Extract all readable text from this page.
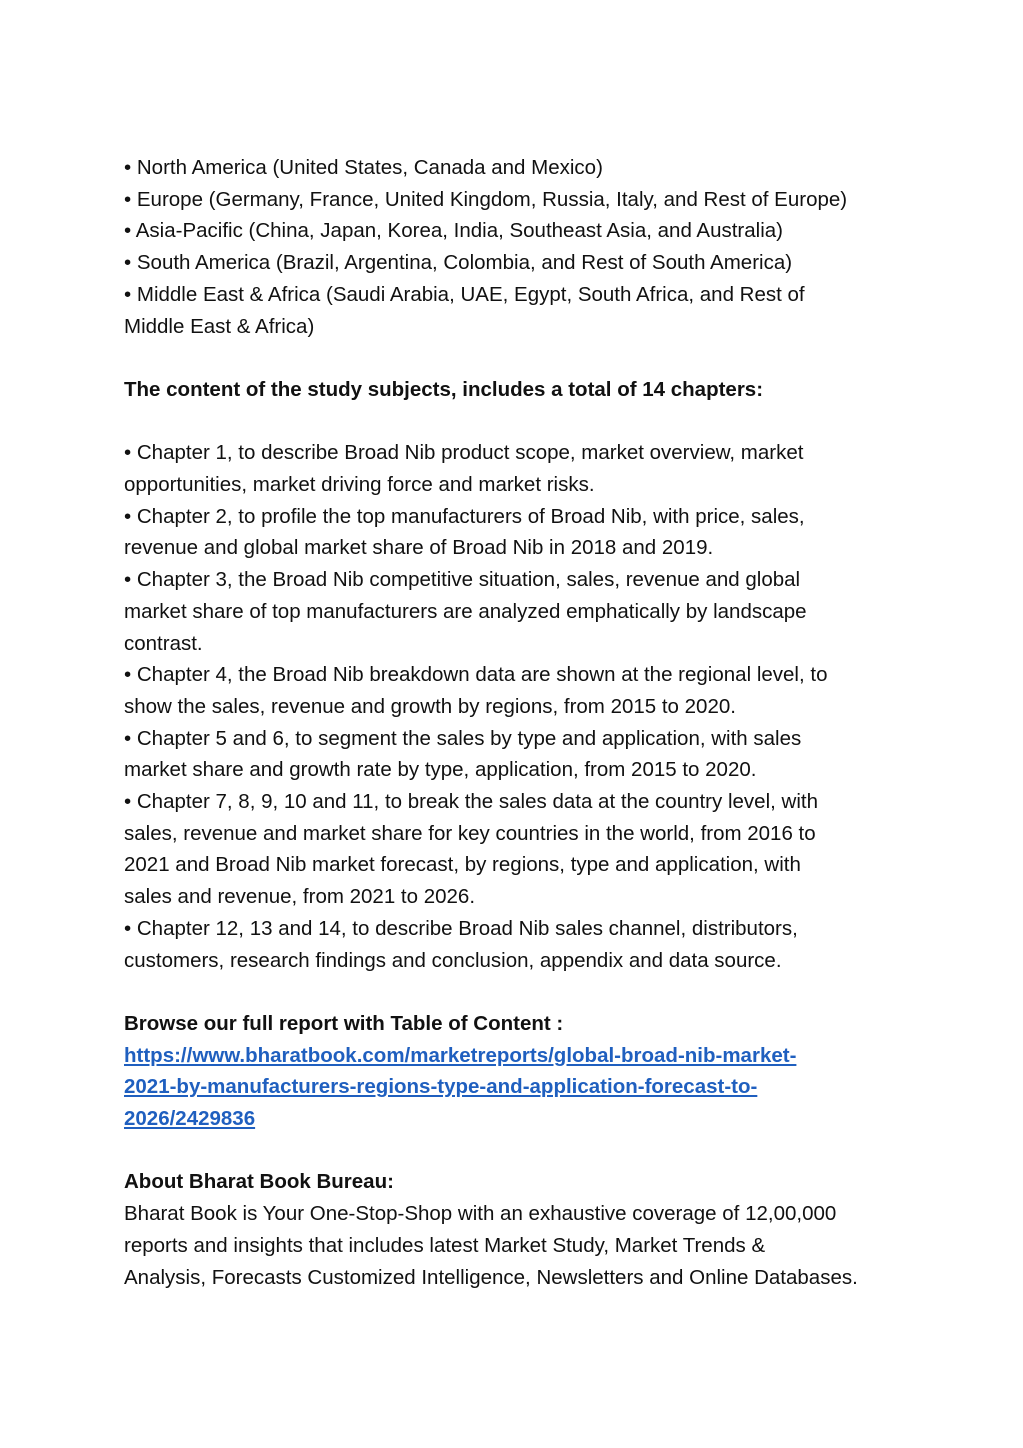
• North America (United States, Canada and Mexico)
• Europe (Germany, France, United Kingdom, Russia, Italy, and Rest of Europe)
• Asia-Pacific (China, Japan, Korea, India, Southeast Asia, and Australia)
• South America (Brazil, Argentina, Colombia, and Rest of South America)
• Middle East & Africa (Saudi Arabia, UAE, Egypt, South Africa, and Rest of
Middle East & Africa)
The content of the study subjects, includes a total of 14 chapters:
• Chapter 1, to describe Broad Nib product scope, market overview, market
opportunities, market driving force and market risks.
• Chapter 2, to profile the top manufacturers of Broad Nib, with price, sales,
revenue and global market share of Broad Nib in 2018 and 2019.
• Chapter 3, the Broad Nib competitive situation, sales, revenue and global
market share of top manufacturers are analyzed emphatically by landscape
contrast.
• Chapter 4, the Broad Nib breakdown data are shown at the regional level, to
show the sales, revenue and growth by regions, from 2015 to 2020.
• Chapter 5 and 6, to segment the sales by type and application, with sales
market share and growth rate by type, application, from 2015 to 2020.
• Chapter 7, 8, 9, 10 and 11, to break the sales data at the country level, with
sales, revenue and market share for key countries in the world, from 2016 to
2021 and Broad Nib market forecast, by regions, type and application, with
sales and revenue, from 2021 to 2026.
• Chapter 12, 13 and 14, to describe Broad Nib sales channel, distributors,
customers, research findings and conclusion, appendix and data source.
Browse our full report with Table of Content :
https://www.bharatbook.com/marketreports/global-broad-nib-market-
2021-by-manufacturers-regions-type-and-application-forecast-to-
2026/2429836
About Bharat Book Bureau:
Bharat Book is Your One-Stop-Shop with an exhaustive coverage of 12,00,000
reports and insights that includes latest Market Study, Market Trends &
Analysis, Forecasts Customized Intelligence, Newsletters and Online Databases.
